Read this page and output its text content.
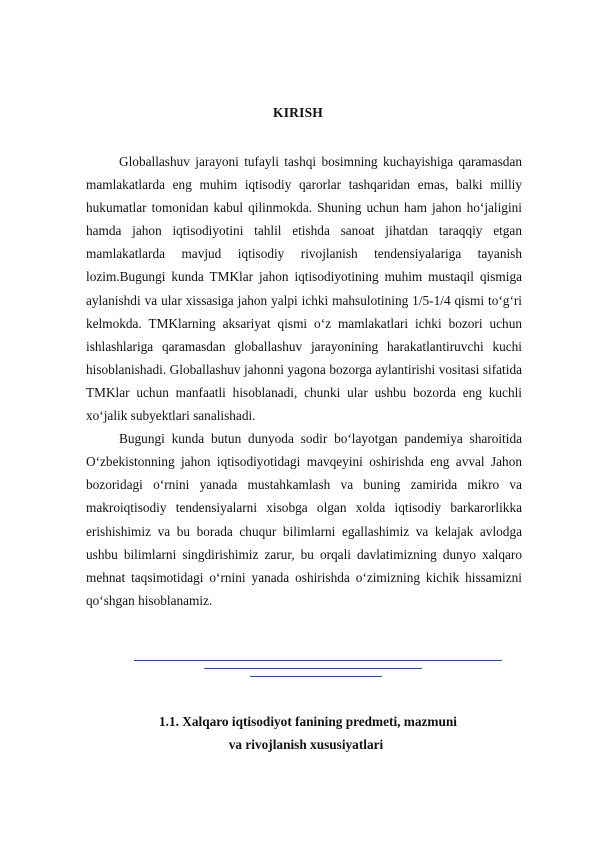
KIRISH

Globallashuv jarayoni tufayli tashqi bosimning kuchayishiga qaramasdan mamlakatlarda eng muhim iqtisodiy qarorlar tashqaridan emas, balki milliy hukumatlar tomonidan kabul qilinmokda. Shuning uchun ham jahon ho‘jaligini hamda jahon iqtisodiyotini tahlil etishda sanoat jihatdan taraqqiy etgan mamlakatlarda mavjud iqtisodiy rivojlanish tendensiyalariga tayanish lozim.Bugungi kunda TMKlar jahon iqtisodiyotining muhim mustaqil qismiga aylanishdi va ular xissasiga jahon yalpi ichki mahsulotining 1/5-1/4 qismi to‘g‘ri kelmokda. TMKlarning aksariyat qismi o‘z mamlakatlari ichki bozori uchun ishlashlariga qaramasdan globallashuv jarayonining harakatlantiruvchi kuchi hisoblanishadi. Globallashuv jahonni yagona bozorga aylantirishi vositasi sifatida TMKlar uchun manfaatli hisoblanadi, chunki ular ushbu bozorda eng kuchli xo‘jalik subyektlari sanalishadi.

Bugungi kunda butun dunyoda sodir bo‘layotgan pandemiya sharoitida O‘zbekistonning jahon iqtisodiyotidagi mavqeyini oshirishda eng avval Jahon bozoridagi o‘rnini yanada mustahkamlash va buning zamirida mikro va makroiqtisodiy tendensiyalarni xisobga olgan xolda iqtisodiy barkarorlikka erishishimiz va bu borada chuqur bilimlarni egallashimiz va kelajak avlodga ushbu bilimlarni singdirishimiz zarur, bu orqali davlatimizning dunyo xalqaro mehnat taqsimotidagi o‘rnini yanada oshirishda o‘zimizning kichik hissamizni qo‘shgan hisoblanamiz.

1.1. Xalqaro iqtisodiyot fanining predmeti, mazmuni
va rivojlanish xususiyatlari
